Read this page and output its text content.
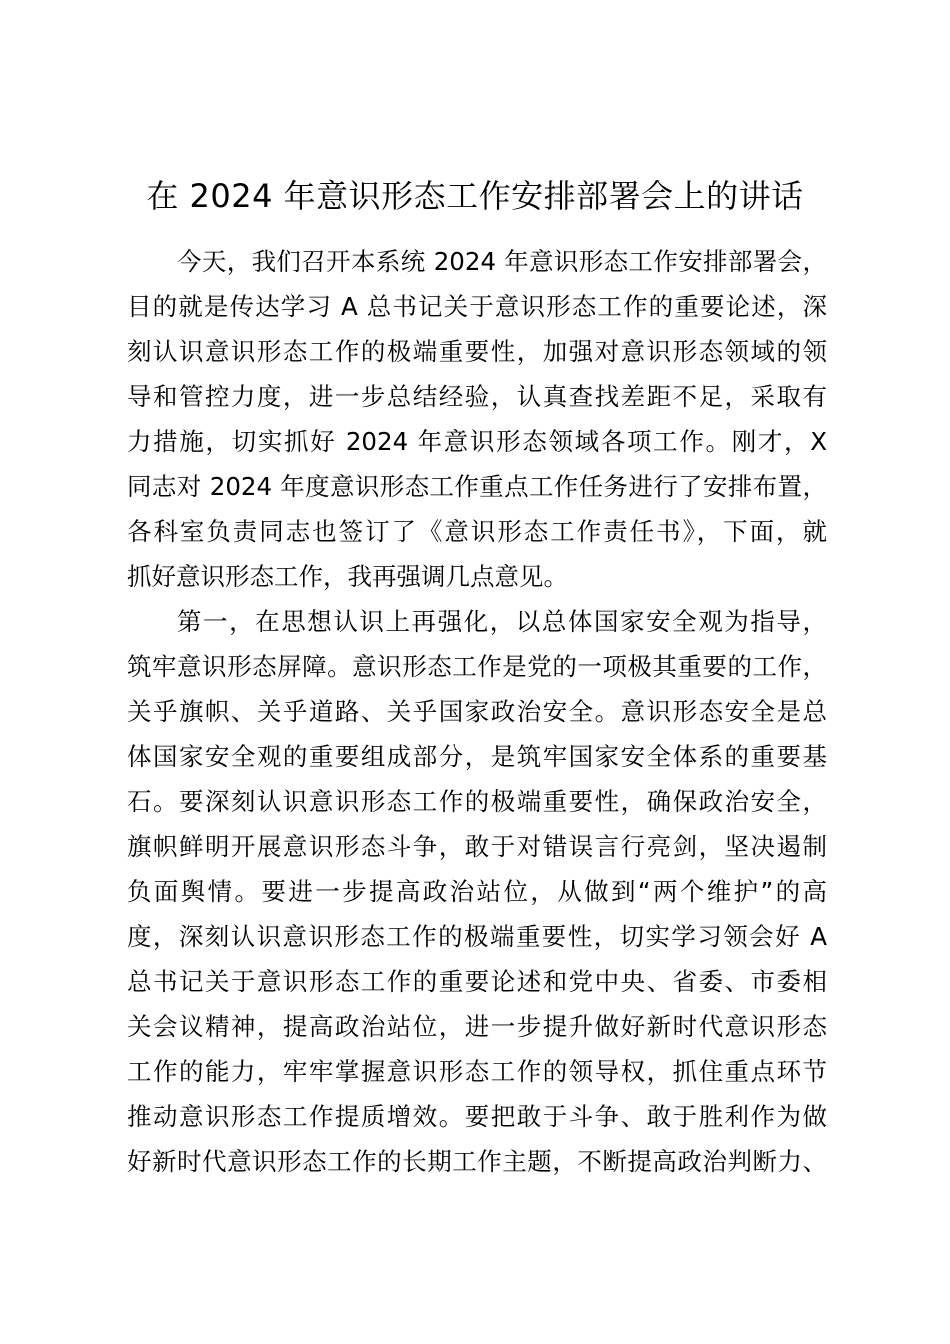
在 2024 年意识形态工作安排部署会上的讲话
今天，我们召开本系统 2024 年意识形态工作安排部署会，
目的就是传达学习 A 总书记关于意识形态工作的重要论述，深
刻认识意识形态工作的极端重要性，加强对意识形态领域的领
导和管控力度，进一步总结经验，认真查找差距不足，采取有
力措施，切实抓好 2024 年意识形态领域各项工作。刚才，X
同志对 2024 年度意识形态工作重点工作任务进行了安排布置，
各科室负责同志也签订了《意识形态工作责任书》，下面，就
抓好意识形态工作，我再强调几点意见。
第一，在思想认识上再强化，以总体国家安全观为指导，
筑牢意识形态屏障。意识形态工作是党的一项极其重要的工作，
关乎旗帜、关乎道路、关乎国家政治安全。意识形态安全是总
体国家安全观的重要组成部分，是筑牢国家安全体系的重要基
石。要深刻认识意识形态工作的极端重要性，确保政治安全，
旗帜鲜明开展意识形态斗争，敢于对错误言行亮剑，坚决遏制
负面舆情。要进一步提高政治站位，从做到“两个维护”的高
度，深刻认识意识形态工作的极端重要性，切实学习领会好 A
总书记关于意识形态工作的重要论述和党中央、省委、市委相
关会议精神，提高政治站位，进一步提升做好新时代意识形态
工作的能力，牢牢掌握意识形态工作的领导权，抓住重点环节
推动意识形态工作提质增效。要把敢于斗争、敢于胜利作为做
好新时代意识形态工作的长期工作主题，不断提高政治判断力、
